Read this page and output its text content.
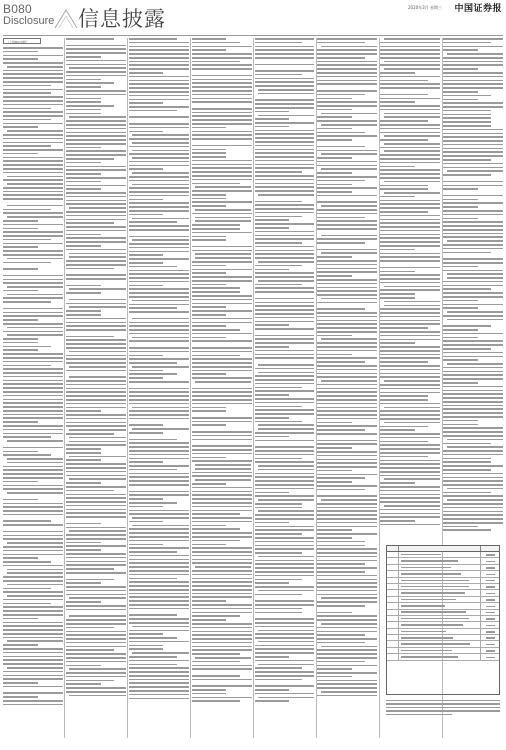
B080
Disclosure 信息披露	2020年3月 星期三 中国证券报
（上接B079版）
